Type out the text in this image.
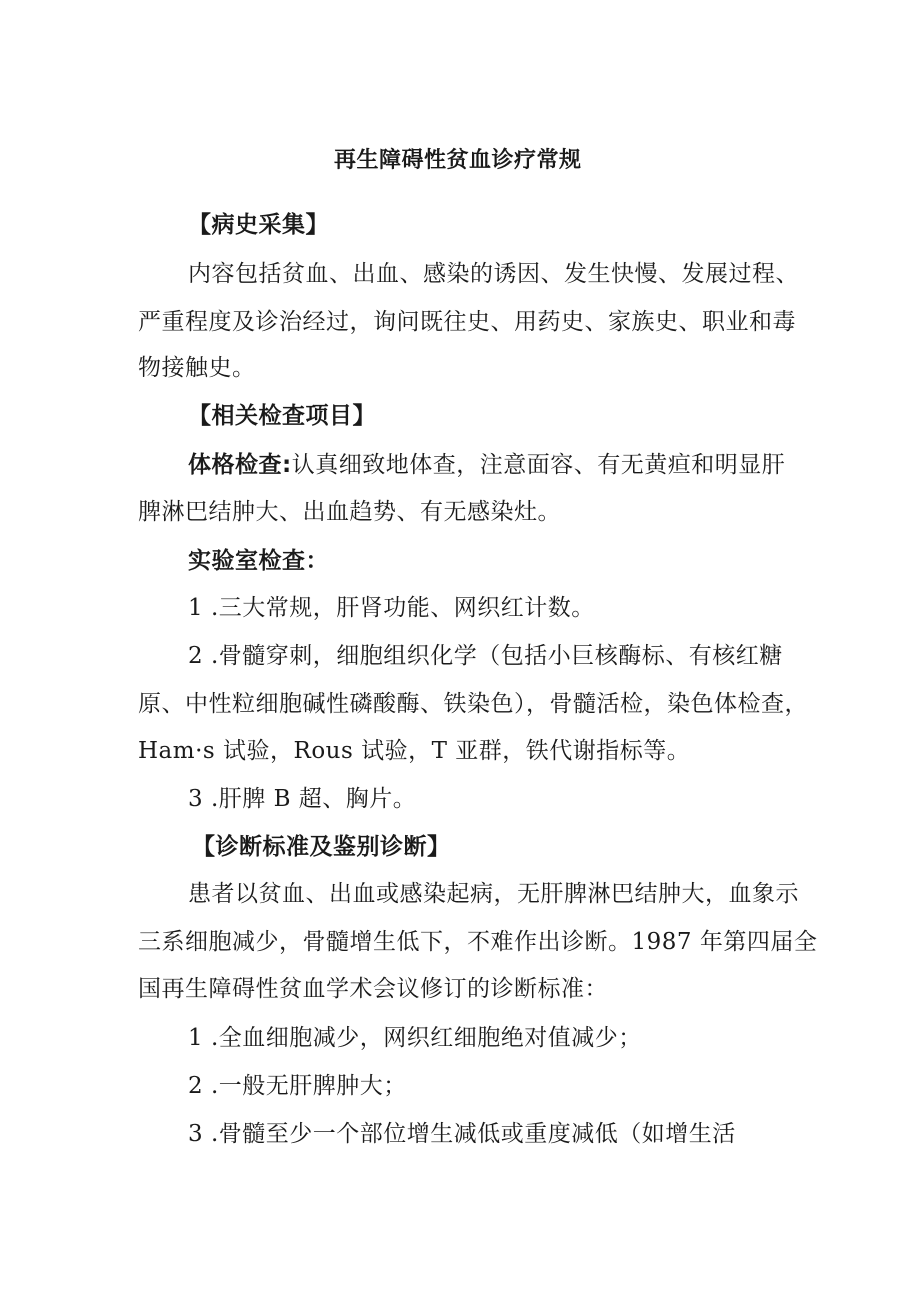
再生障碍性贫血诊疗常规
【病史采集】
内容包括贫血、出血、感染的诱因、发生快慢、发展过程、
严重程度及诊治经过，询问既往史、用药史、家族史、职业和毒
物接触史。
【相关检查项目】
体格检查:认真细致地体查，注意面容、有无黄疸和明显肝
脾淋巴结肿大、出血趋势、有无感染灶。
实验室检查：
1 .三大常规，肝肾功能、网织红计数。
2 .骨髓穿刺，细胞组织化学（包括小巨核酶标、有核红糖
原、中性粒细胞碱性磷酸酶、铁染色），骨髓活检，染色体检查，
Ham·s 试验，Rous 试验，T 亚群，铁代谢指标等。
3 .肝脾 B 超、胸片。
【诊断标准及鉴别诊断】
患者以贫血、出血或感染起病，无肝脾淋巴结肿大，血象示
三系细胞减少，骨髓增生低下，不难作出诊断。1987 年第四届全
国再生障碍性贫血学术会议修订的诊断标准：
1 .全血细胞减少，网织红细胞绝对值减少；
2 .一般无肝脾肿大；
3 .骨髓至少一个部位增生减低或重度减低（如增生活
